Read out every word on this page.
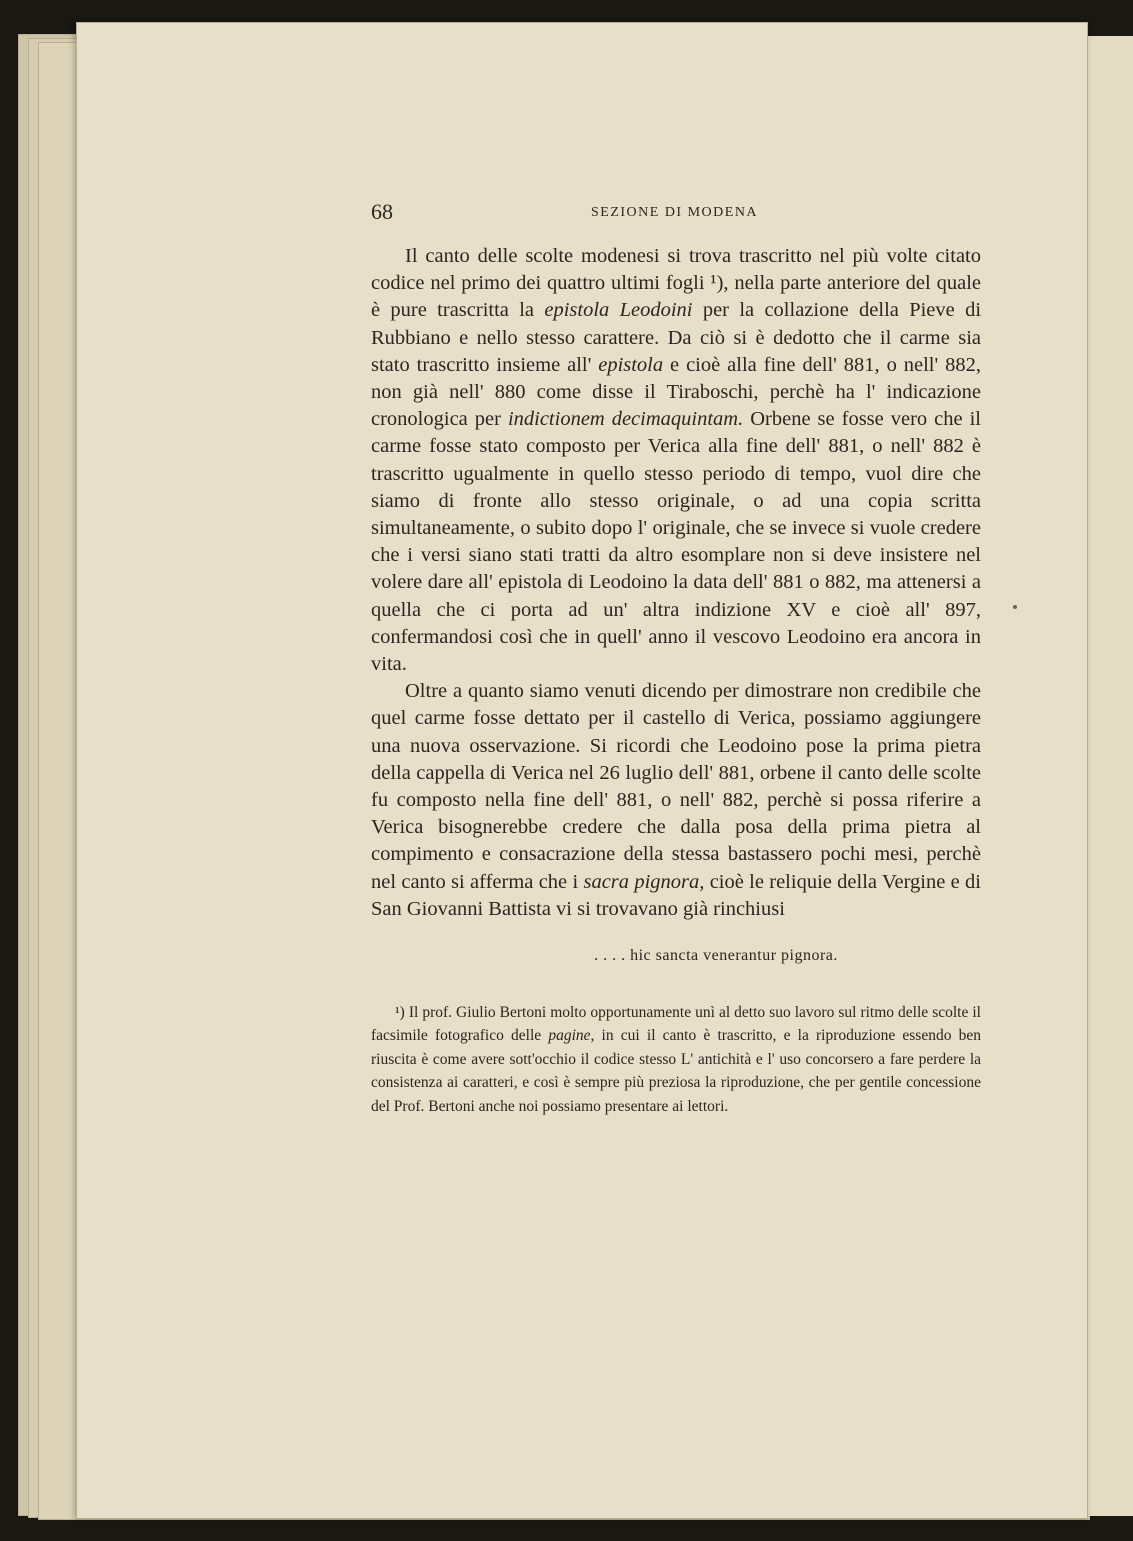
68	SEZIONE DI MODENA

Il canto delle scolte modenesi si trova trascritto nel più volte citato codice nel primo dei quattro ultimi fogli ¹), nella parte anteriore del quale è pure trascritta la epistola Leodoini per la collazione della Pieve di Rubbiano e nello stesso carattere. Da ciò si è dedotto che il carme sia stato trascritto insieme all' epistola e cioè alla fine dell' 881, o nell' 882, non già nell' 880 come disse il Tiraboschi, perchè ha l' indicazione cronologica per indictionem decimaquintam. Orbene se fosse vero che il carme fosse stato composto per Verica alla fine dell' 881, o nell' 882 è trascritto ugualmente in quello stesso periodo di tempo, vuol dire che siamo di fronte allo stesso originale, o ad una copia scritta simultaneamente, o subito dopo l' originale, che se invece si vuole credere che i versi siano stati tratti da altro esomplare non si deve insistere nel volere dare all' epistola di Leodoino la data dell' 881 o 882, ma attenersi a quella che ci porta ad un' altra indizione XV e cioè all' 897, confermandosi così che in quell' anno il vescovo Leodoino era ancora in vita.

Oltre a quanto siamo venuti dicendo per dimostrare non credibile che quel carme fosse dettato per il castello di Verica, possiamo aggiungere una nuova osservazione. Si ricordi che Leodoino pose la prima pietra della cappella di Verica nel 26 luglio dell' 881, orbene il canto delle scolte fu composto nella fine dell' 881, o nell' 882, perchè si possa riferire a Verica bisognerebbe credere che dalla posa della prima pietra al compimento e consacrazione della stessa bastassero pochi mesi, perchè nel canto si afferma che i sacra pignora, cioè le reliquie della Vergine e di San Giovanni Battista vi si trovavano già rinchiusi

. . . . hic sancta venerantur pignora.

¹) Il prof. Giulio Bertoni molto opportunamente unì al detto suo lavoro sul ritmo delle scolte il facsimile fotografico delle pagine, in cui il canto è trascritto, e la riproduzione essendo ben riuscita è come avere sott'occhio il codice stesso L' antichità e l' uso concorsero a fare perdere la consistenza ai caratteri, e così è sempre più preziosa la riproduzione, che per gentile concessione del Prof. Bertoni anche noi possiamo presentare ai lettori.
